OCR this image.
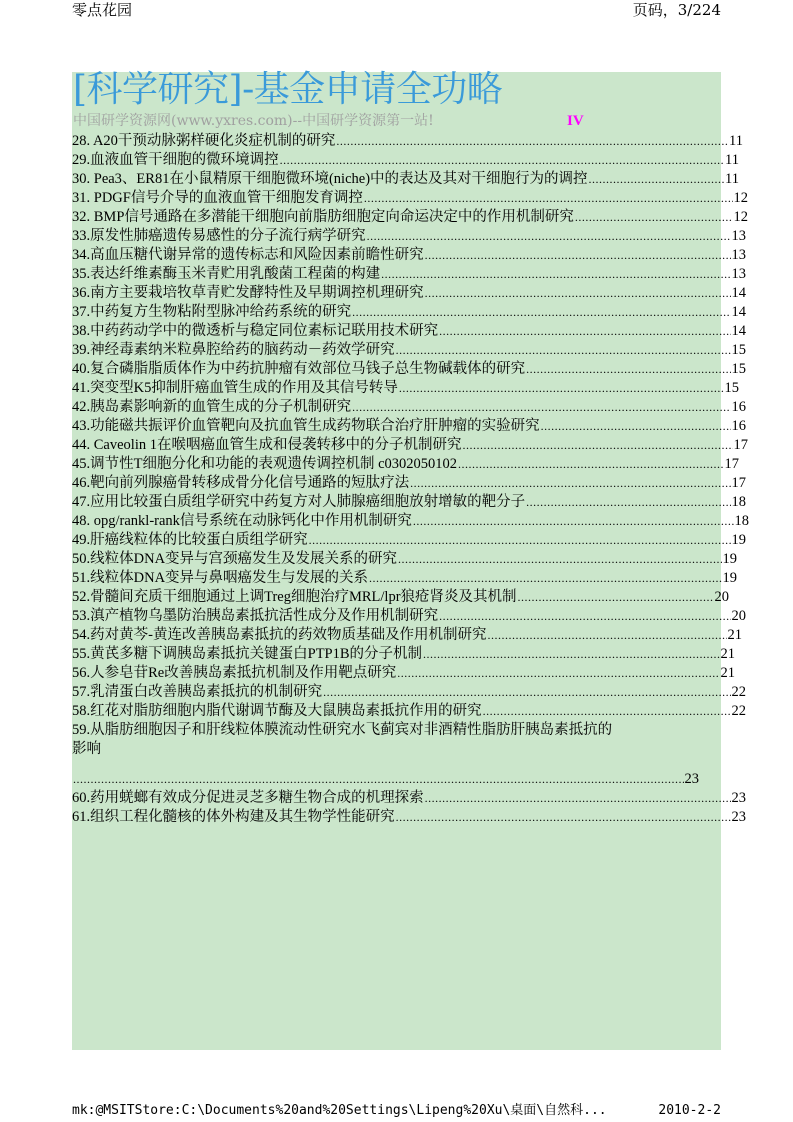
零点花园	页码，3/224
[科学研究]-基金申请全功略
中国研学资源网(www.yxres.com)--中国研学资源第一站!	IV
28. A20干预动脉粥样硬化炎症机制的研究 .....	11
29.血液血管干细胞的微环境调控 .....	11
30. Pea3、ER81在小鼠精原干细胞微环境(niche)中的表达及其对干细胞行为的调控 .....	11
31. PDGF信号介导的血液血管干细胞发育调控 .....	12
32. BMP信号通路在多潜能干细胞向前脂肪细胞定向命运决定中的作用机制研究 .....	12
33.原发性肺癌遗传易感性的分子流行病学研究 .....	13
34.高血压糖代谢异常的遗传标志和风险因素前瞻性研究 .....	13
35.表达纤维素酶玉米青贮用乳酸菌工程菌的构建 .....	13
36.南方主要栽培牧草青贮发酵特性及早期调控机理研究 .....	14
37.中药复方生物粘附型脉冲给药系统的研究 .....	14
38.中药药动学中的微透析与稳定同位素标记联用技术研究 .....	14
39.神经毒素纳米粒鼻腔给药的脑药动－药效学研究 .....	15
40.复合磷脂脂质体作为中药抗肿瘤有效部位马钱子总生物碱载体的研究 .....	15
41.突变型K5抑制肝癌血管生成的作用及其信号转导 .....	15
42.胰岛素影响新的血管生成的分子机制研究 .....	16
43.功能磁共振评价血管靶向及抗血管生成药物联合治疗肝肿瘤的实验研究 .....	16
44. Caveolin 1在喉咽癌血管生成和侵袭转移中的分子机制研究 .....	17
45.调节性T细胞分化和功能的表观遗传调控机制 c0302050102 .....	17
46.靶向前列腺癌骨转移成骨分化信号通路的短肽疗法 .....	17
47.应用比较蛋白质组学研究中药复方对人肺腺癌细胞放射增敏的靶分子 .....	18
48. opg/rankl-rank信号系统在动脉钙化中作用机制研究 .....	18
49.肝癌线粒体的比较蛋白质组学研究 .....	19
50.线粒体DNA变异与宫颈癌发生及发展关系的研究 .....	19
51.线粒体DNA变异与鼻咽癌发生与发展的关系 .....	19
52.骨髓间充质干细胞通过上调Treg细胞治疗MRL/lpr狼疮肾炎及其机制 .....	20
53.滇产植物乌墨防治胰岛素抵抗活性成分及作用机制研究 .....	20
54.药对黄芩-黄连改善胰岛素抵抗的药效物质基础及作用机制研究 .....	21
55.黄芪多糖下调胰岛素抵抗关键蛋白PTP1B的分子机制 .....	21
56.人参皂苷Re改善胰岛素抵抗机制及作用靶点研究 .....	21
57.乳清蛋白改善胰岛素抵抗的机制研究 .....	22
58.红花对脂肪细胞内脂代谢调节酶及大鼠胰岛素抵抗作用的研究 .....	22
59.从脂肪细胞因子和肝线粒体膜流动性研究水飞蓟宾对非酒精性脂肪肝胰岛素抵抗的
影响
.....
23
60.药用蜣螂有效成分促进灵芝多糖生物合成的机理探索 .....	23
61.组织工程化髓核的体外构建及其生物学性能研究 .....	23
mk:@MSITStore:C:\Documents%20and%20Settings\Lipeng%20Xu\桌面\自然科...	2010-2-2
